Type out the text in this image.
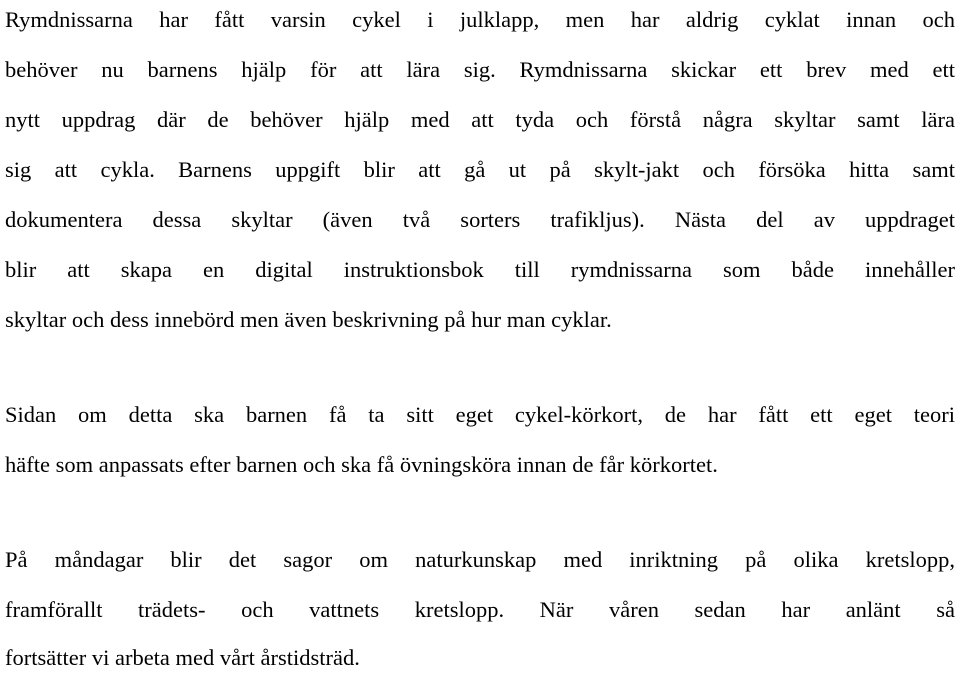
Rymdnissarna har fått varsin cykel i julklapp, men har aldrig cyklat innan och
behöver nu barnens hjälp för att lära sig. Rymdnissarna skickar ett brev med ett
nytt uppdrag där de behöver hjälp med att tyda och förstå några skyltar samt lära
sig att cykla. Barnens uppgift blir att gå ut på skylt-jakt och försöka hitta samt
dokumentera dessa skyltar (även två sorters trafikljus). Nästa del av uppdraget
blir att skapa en digital instruktionsbok till rymdnissarna som både innehåller
skyltar och dess innebörd men även beskrivning på hur man cyklar.
Sidan om detta ska barnen få ta sitt eget cykel-körkort, de har fått ett eget teori
häfte som anpassats efter barnen och ska få övningsköra innan de får körkortet.
På måndagar blir det sagor om naturkunskap med inriktning på olika kretslopp,
framförallt trädets- och vattnets kretslopp. När våren sedan har anlänt så
fortsätter vi arbeta med vårt årstidsträd.
